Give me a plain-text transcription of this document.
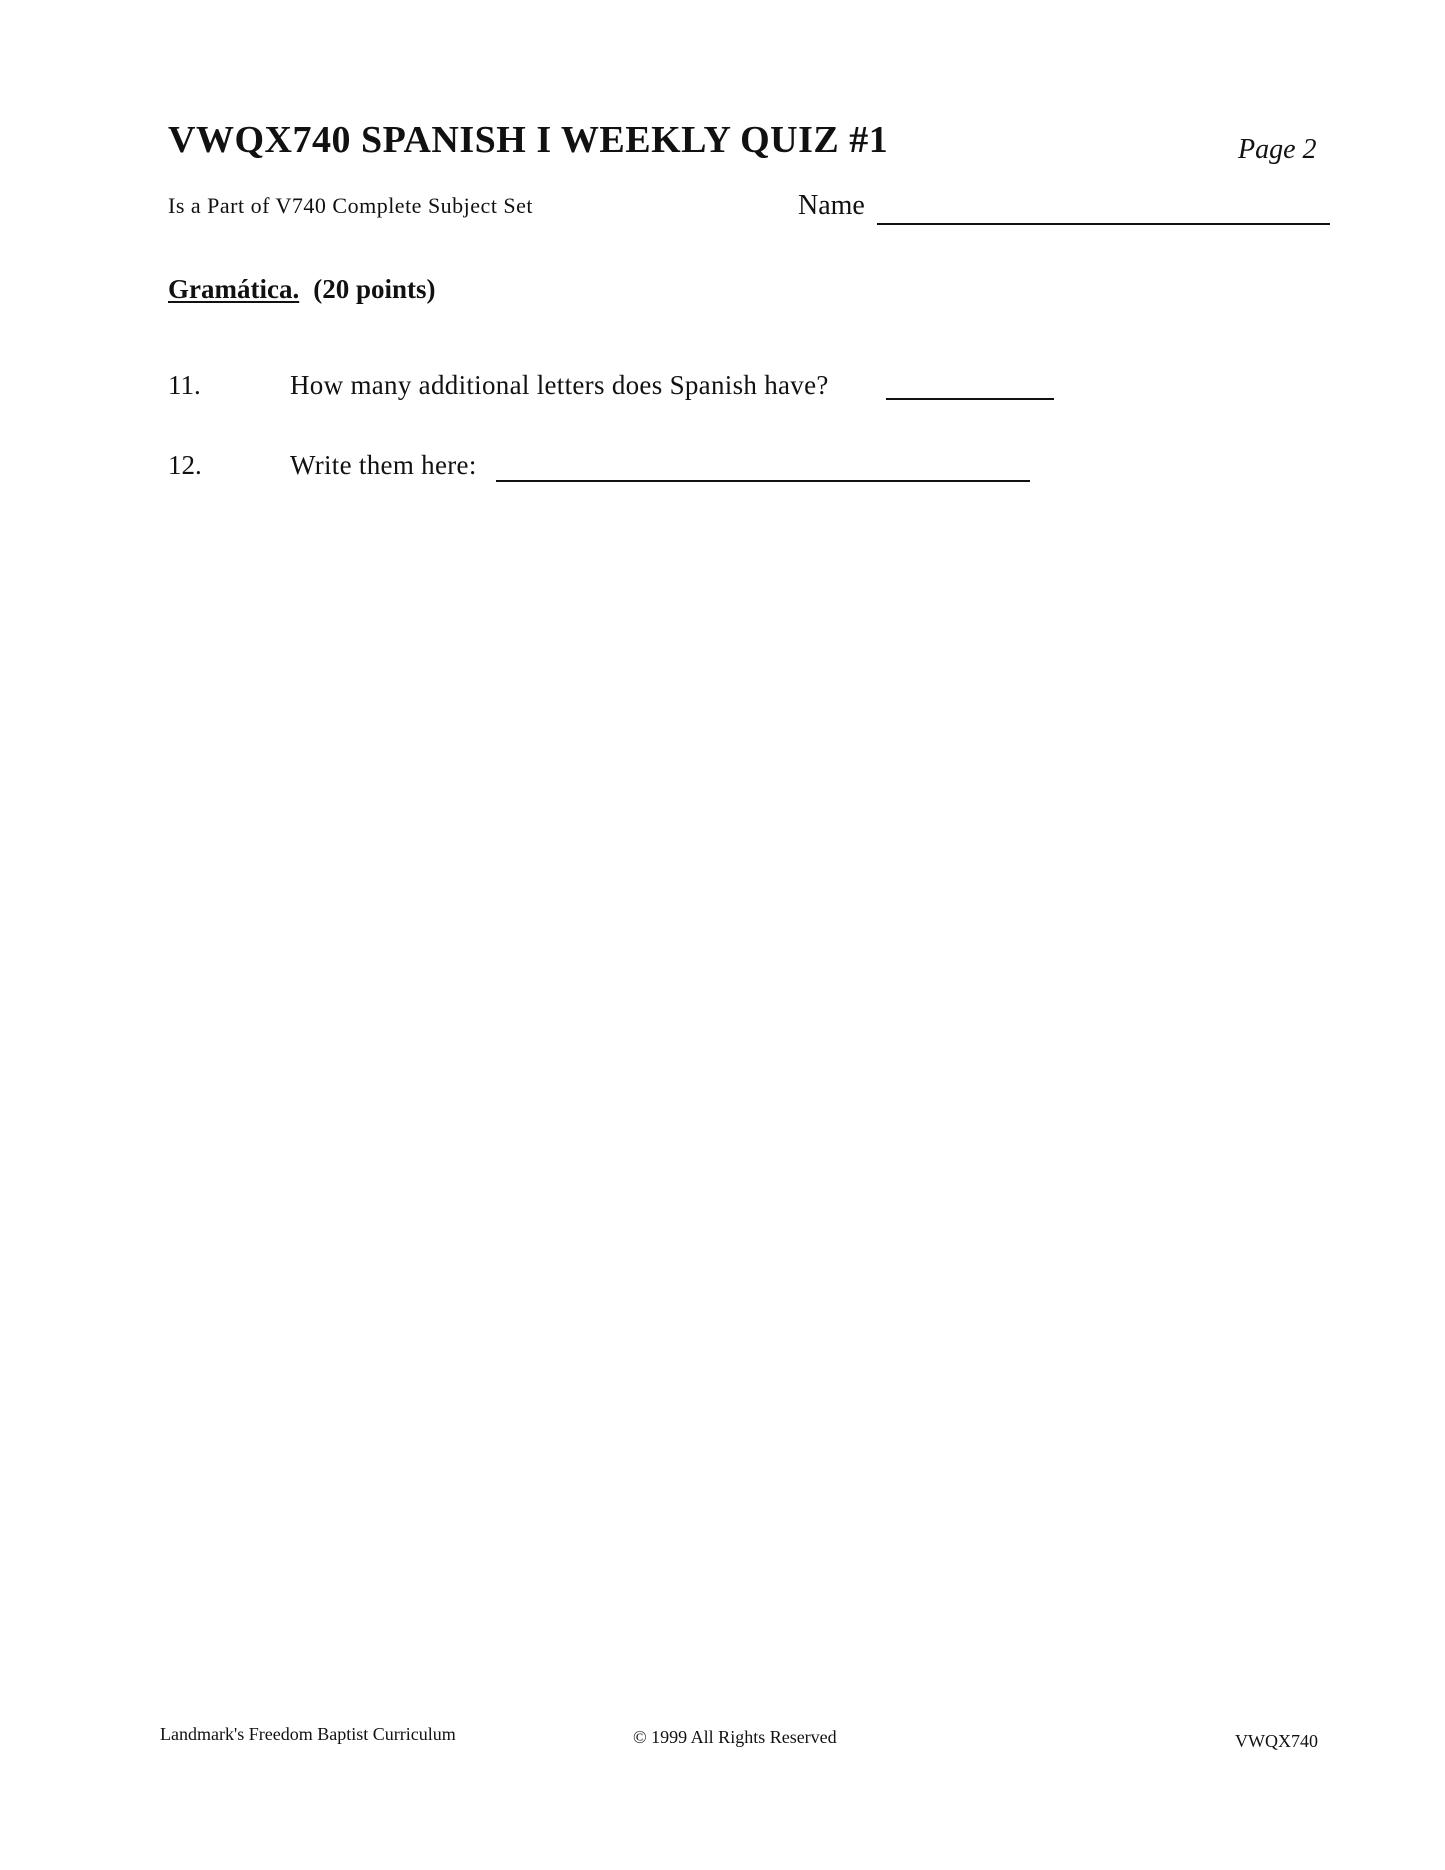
VWQX740 SPANISH I WEEKLY QUIZ #1	Page 2
Is a Part of V740 Complete Subject Set	Name
Gramática. (20 points)
11.	How many additional letters does Spanish have?
12.	Write them here:
Landmark's Freedom Baptist Curriculum	© 1999 All Rights Reserved	VWQX740
